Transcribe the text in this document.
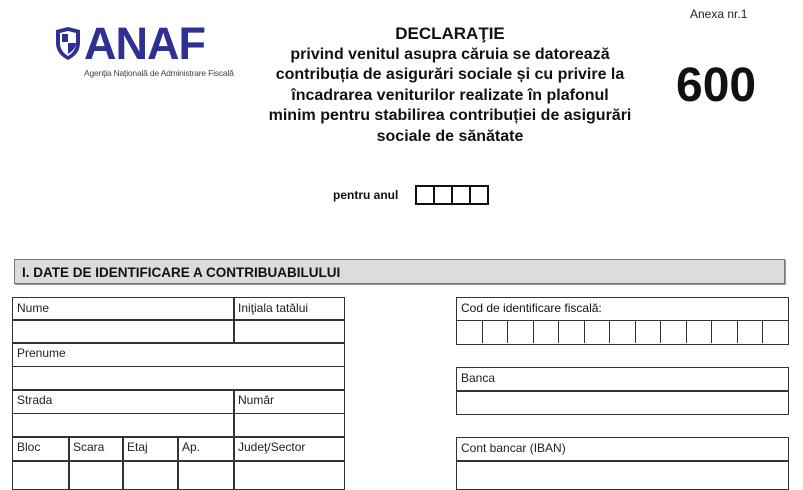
ANAF
Agenţia Naţională de Administrare Fiscală
DECLARAŢIE
privind venitul asupra căruia se datorează
contribuția de asigurări sociale și cu privire la
încadrarea veniturilor realizate în plafonul
minim pentru stabilirea contribuției de asigurări
sociale de sănătate
Anexa nr.1
600
pentru anul
I. DATE DE IDENTIFICARE A CONTRIBUABILULUI
Nume	Iniţiala tatălui
Prenume
Strada	Număr
Bloc	Scara	Etaj	Ap.	Judeţ/Sector
Cod de identificare fiscală:
Banca
Cont bancar (IBAN)
